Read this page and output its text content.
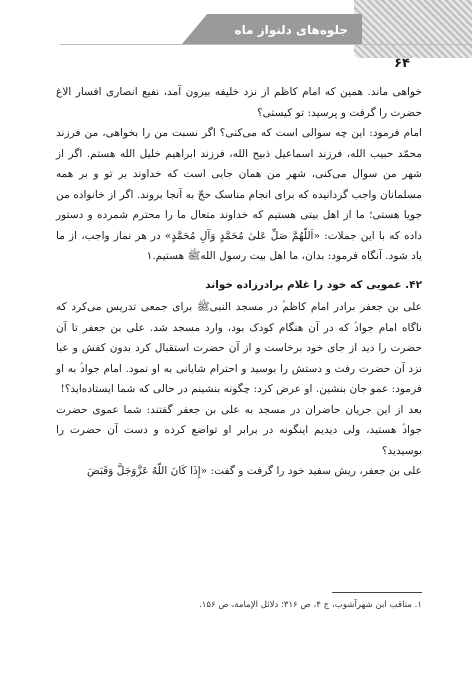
جلوه‌های دلنواز ماه
۶۴

خواهی ماند. همین که امام کاظم از نزد خلیفه بیرون آمد، نفیع انصاری افسار الاغ حضرت را گرفت و پرسید: تو کیستی؟

امام فرمود: این چه سوالی است که می‌کنی؟ اگر نسبت من را بخواهی، من فرزند محمّد حبیب الله، فرزند اسماعیل ذبیح الله، فرزند ابراهیم خلیل الله هستم. اگر از شهر من سوال می‌کنی، شهر من همان جایی است که خداوند بر تو و بر همه مسلمانان واجب گردانیده که برای انجام مناسک حجّ به آنجا بروند. اگر از خانواده من جویا هستی؛ ما از اهل بیتی هستیم که خداوند متعال ما را محترم شمرده و دستور داده که با این جملات: «اَللّهُمَّ صَلِّ عَلیٰ مُحَمَّدٍ وَآلِ مُحَمَّدٍ» در هر نماز واجب، از ما یاد شود. آنگاه فرمود: بدان، ما اهل بیت رسول الله‌ﷺ هستیم.۱

۴۲. عمویی که خود را غلام برادرزاده خواند

علی بن جعفر برادر امام کاظم‌ؑ در مسجد النبی‌ﷺ برای جمعی تدریس می‌کرد که ناگاه امام جواد‌ؑ که در آن هنگام کودک بود، وارد مسجد شد. علی بن جعفر تا آن حضرت را دید از جای خود برخاست و از آن حضرت استقبال کرد بدون کفش و عبا نزد آن حضرت رفت و دستش را بوسید و احترام شایانی به او نمود. امام جواد‌ؑ به او فرمود: عمو جان بنشین. او عرض کرد: چگونه بنشینم در حالی که شما ایستاده‌اید؟!

بعد از این جریان حاضران در مسجد به علی بن جعفر گفتند: شما عموی حضرت جواد‌ؑ هستید، ولی دیدیم اینگونه در برابر او تواضع کرده و دست آن حضرت را بوسیدید؟

علی بن جعفر، ریش سفید خود را گرفت و گفت: «إِذَا کَانَ اللّهُ عَزَّوَجَلَّ وَقَبَضَ

۱. مناقب ابن شهرآشوب، ج ۴، ص ۳۱۶؛ دلائل الإمامة، ص ۱۵۶.
